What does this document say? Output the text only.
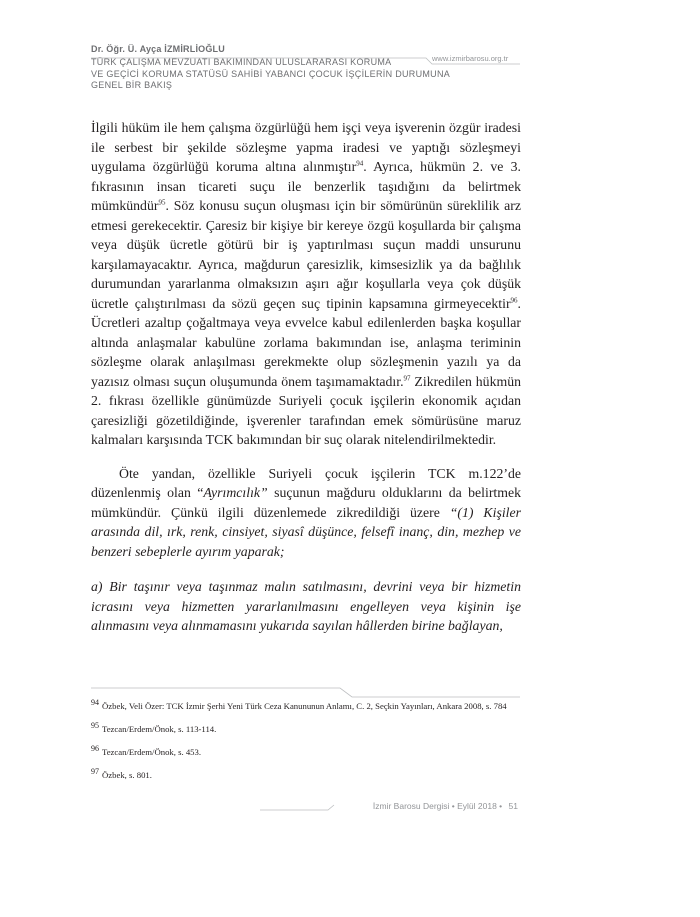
Dr. Öğr. Ü. Ayça İZMİRLİOĞLU
TÜRK ÇALIŞMA MEVZUATI BAKIMINDAN ULUSLARARASI KORUMA
VE GEÇİCİ KORUMA STATÜSÜ SAHİBİ YABANCI ÇOCUK İŞÇİLERİN DURUMUNA
GENEL BİR BAKIŞ
www.izmirbarosu.org.tr

İlgili hüküm ile hem çalışma özgürlüğü hem işçi veya işverenin özgür iradesi ile serbest bir şekilde sözleşme yapma iradesi ve yaptığı sözleşmeyi uygulama özgürlüğü koruma altına alınmıştır$^{94}$. Ayrıca, hükmün 2. ve 3. fıkrasının insan ticareti suçu ile benzerlik taşıdığını da belirtmek mümkündür$^{95}$. Söz konusu suçun oluşması için bir sömürünün süreklilik arz etmesi gerekecektir. Çaresiz bir kişiye bir kereye özgü koşullarda bir çalışma veya düşük ücretle götürü bir iş yaptırılması suçun maddi unsurunu karşılamayacaktır. Ayrıca, mağdurun çaresizlik, kimsesizlik ya da bağlılık durumundan yararlanma olmaksızın aşırı ağır koşullarla veya çok düşük ücretle çalıştırılması da sözü geçen suç tipinin kapsamına girmeyecektir$^{96}$. Ücretleri azaltıp çoğaltmaya veya evvelce kabul edilenlerden başka koşullar altında anlaşmalar kabulüne zorlama bakımından ise, anlaşma teriminin sözleşme olarak anlaşılması gerekmekte olup sözleşmenin yazılı ya da yazısız olması suçun oluşumunda önem taşımamaktadır.$^{97}$ Zikredilen hükmün 2. fıkrası özellikle günümüzde Suriyeli çocuk işçilerin ekonomik açıdan çaresizliği gözetildiğinde, işverenler tarafından emek sömürüsüne maruz kalmaları karşısında TCK bakımından bir suç olarak nitelendirilmektedir.

Öte yandan, özellikle Suriyeli çocuk işçilerin TCK m.122’de düzenlenmiş olan “Ayrımcılık” suçunun mağduru olduklarını da belirtmek mümkündür. Çünkü ilgili düzenlemede zikredildiği üzere “(1) Kişiler arasında dil, ırk, renk, cinsiyet, siyasî düşünce, felsefî inanç, din, mezhep ve benzeri sebeplerle ayırım yaparak;

a) Bir taşınır veya taşınmaz malın satılmasını, devrini veya bir hizmetin icrasını veya hizmetten yararlanılmasını engelleyen veya kişinin işe alınmasını veya alınmamasını yukarıda sayılan hâllerden birine bağlayan,

94 Özbek, Veli Özer: TCK İzmir Şerhi Yeni Türk Ceza Kanununun Anlamı, C. 2, Seçkin Yayınları, Ankara 2008, s. 784
95 Tezcan/Erdem/Önok, s. 113-114.
96 Tezcan/Erdem/Önok, s. 453.
97 Özbek, s. 801.
İzmir Barosu Dergisi • Eylül 2018 • 51
